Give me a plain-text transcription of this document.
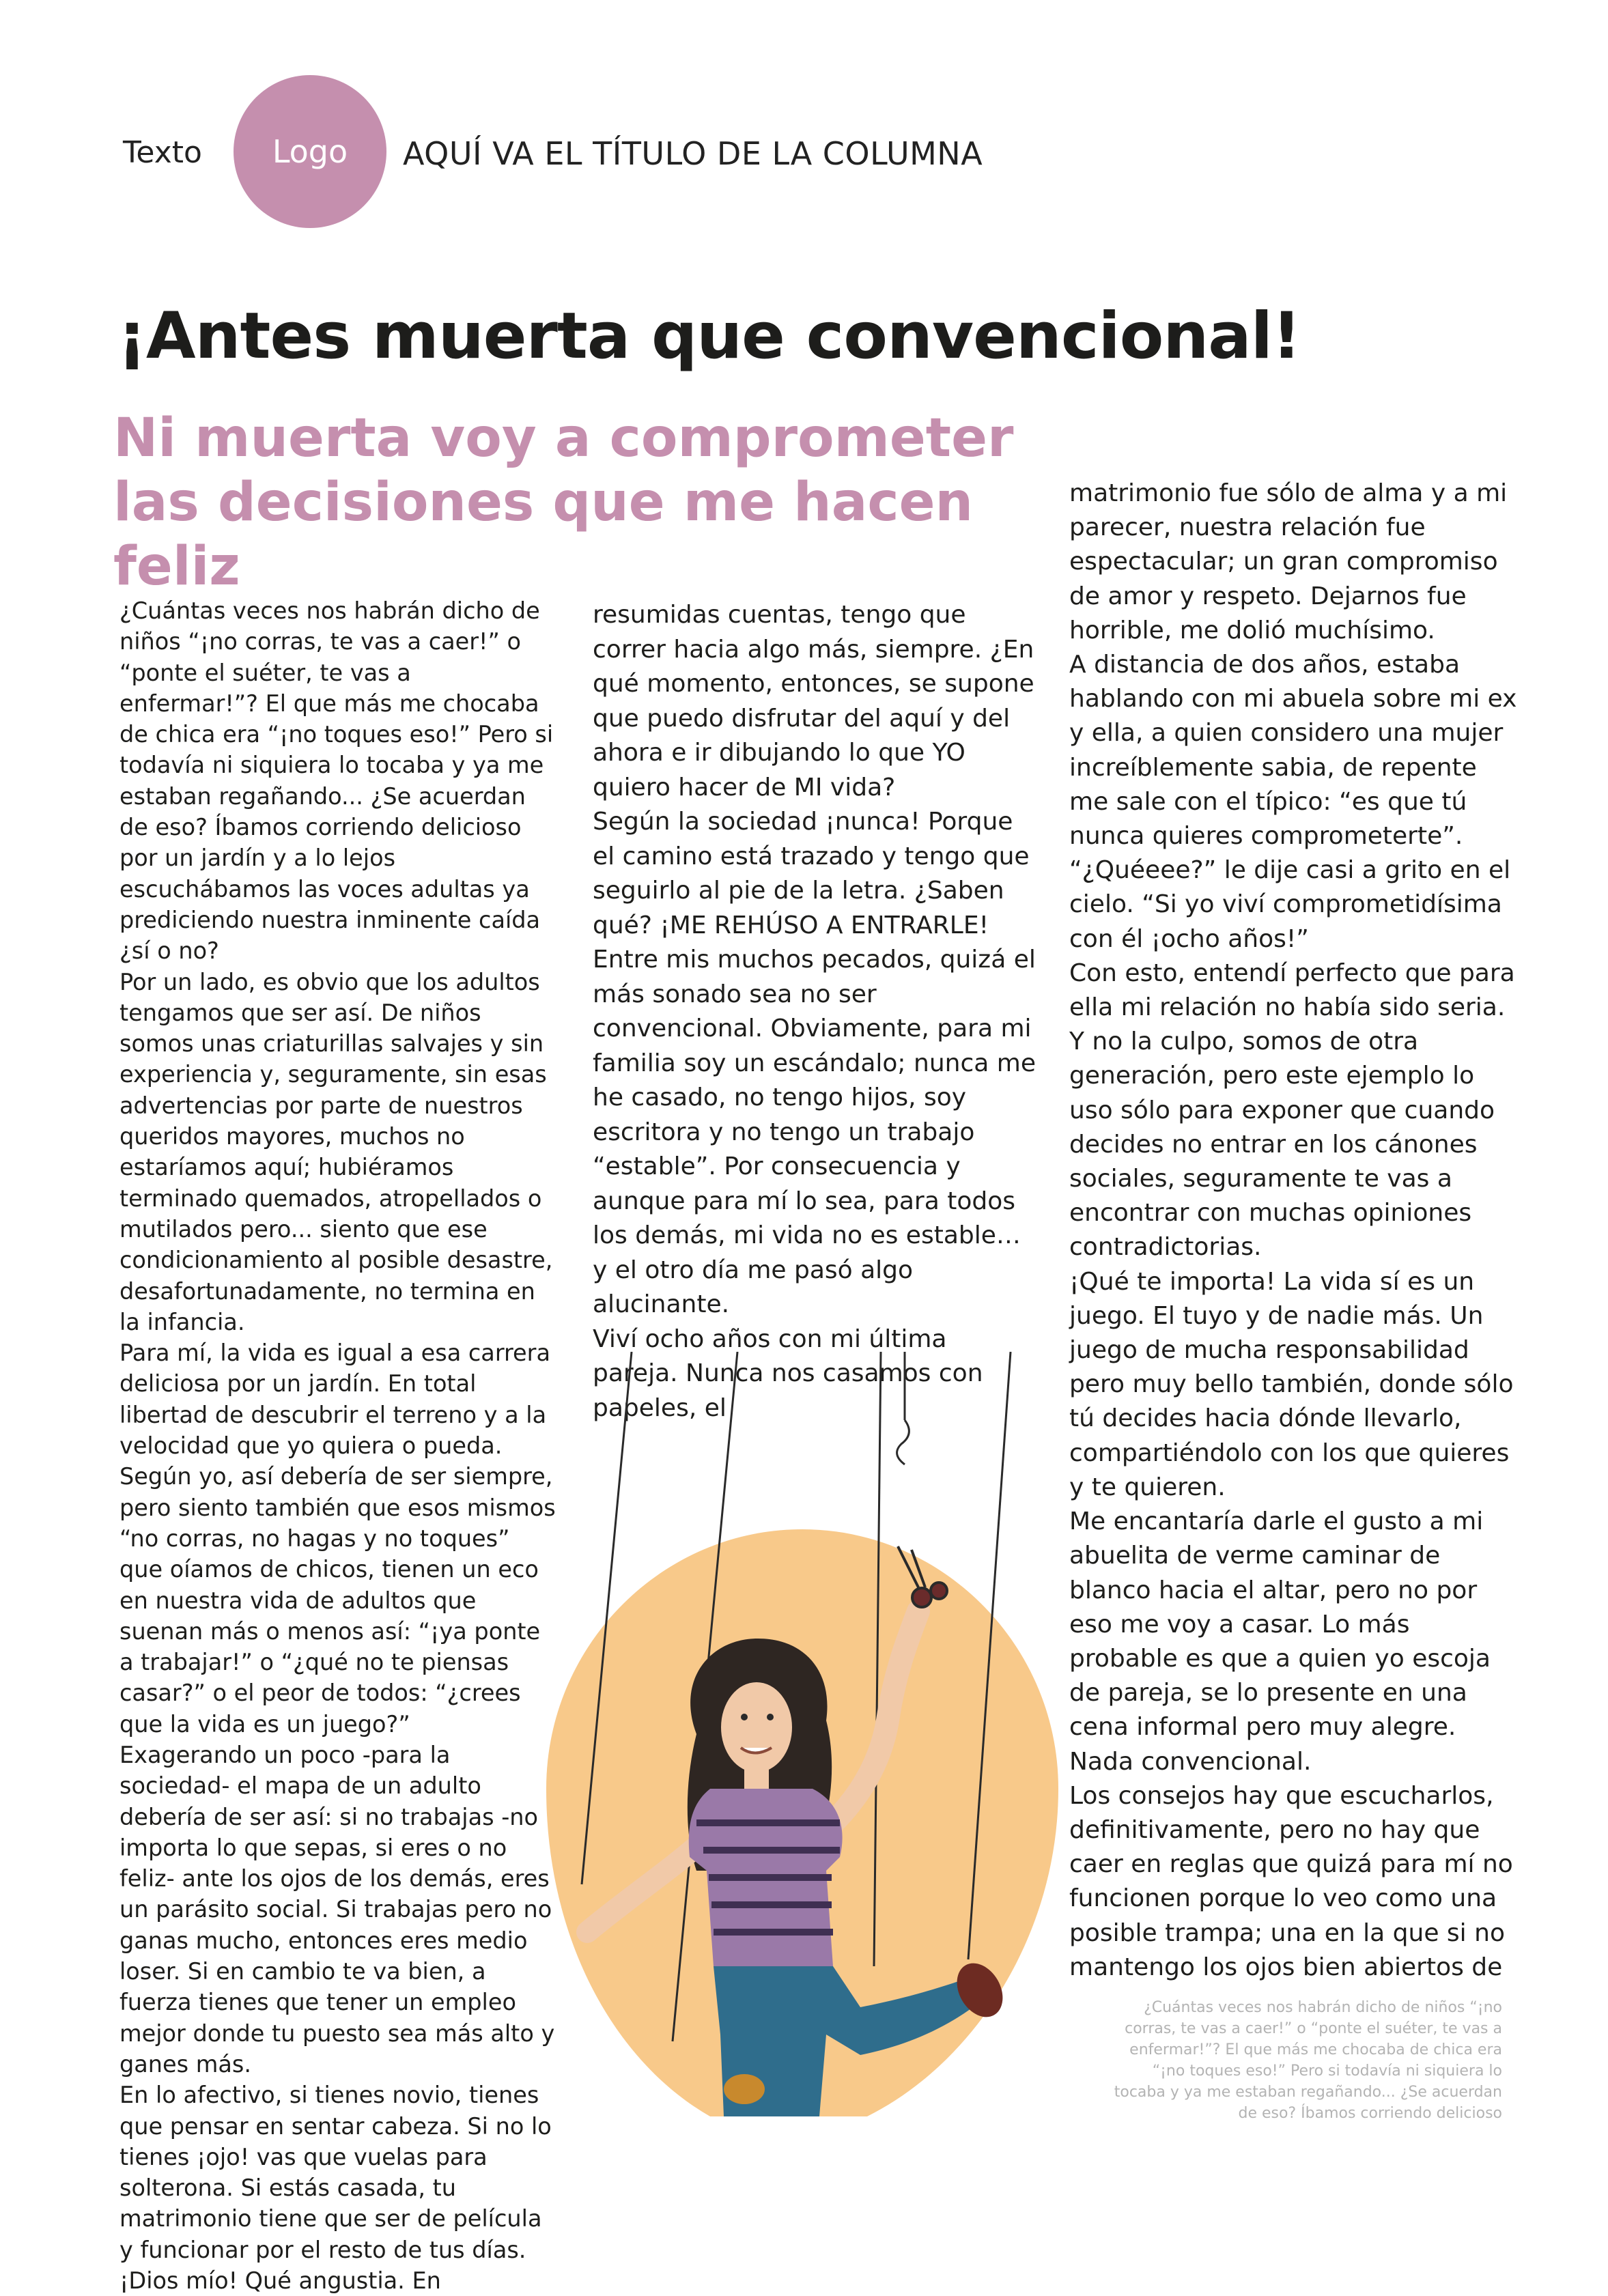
Texto Logo AQUÍ VA EL TÍTULO DE LA COLUMNA
¡Antes muerta que convencional!
Ni muerta voy a comprometer las decisiones que me hacen feliz

¿Cuántas veces nos habrán dicho de niños “¡no corras, te vas a caer!” o “ponte el suéter, te vas a enfermar!”? El que más me chocaba de chica era “¡no toques eso!” Pero si todavía ni siquiera lo tocaba y ya me estaban regañando... ¿Se acuerdan de eso? Íbamos corriendo delicioso por un jardín y a lo lejos escuchábamos las voces adultas ya prediciendo nuestra inminente caída ¿sí o no?

Por un lado, es obvio que los adultos tengamos que ser así. De niños somos unas criaturillas salvajes y sin experiencia y, seguramente, sin esas advertencias por parte de nuestros queridos mayores, muchos no estaríamos aquí; hubiéramos terminado quemados, atropellados o mutilados pero... siento que ese condicionamiento al posible desastre, desafortunadamente, no termina en la infancia.

Para mí, la vida es igual a esa carrera deliciosa por un jardín. En total libertad de descubrir el terreno y a la velocidad que yo quiera o pueda. Según yo, así debería de ser siempre, pero siento también que esos mismos “no corras, no hagas y no toques” que oíamos de chicos, tienen un eco en nuestra vida de adultos que suenan más o menos así: “¡ya ponte a trabajar!” o “¿qué no te piensas casar?” o el peor de todos: “¿crees que la vida es un juego?”

Exagerando un poco -para la sociedad- el mapa de un adulto debería de ser así: si no trabajas -no importa lo que sepas, si eres o no feliz- ante los ojos de los demás, eres un parásito social. Si trabajas pero no ganas mucho, entonces eres medio loser. Si en cambio te va bien, a fuerza tienes que tener un empleo mejor donde tu puesto sea más alto y ganes más.

En lo afectivo, si tienes novio, tienes que pensar en sentar cabeza. Si no lo tienes ¡ojo! vas que vuelas para solterona. Si estás casada, tu matrimonio tiene que ser de película y funcionar por el resto de tus días. ¡Dios mío! Qué angustia. En

resumidas cuentas, tengo que correr hacia algo más, siempre. ¿En qué momento, entonces, se supone que puedo disfrutar del aquí y del ahora e ir dibujando lo que YO quiero hacer de MI vida?

Según la sociedad ¡nunca! Porque el camino está trazado y tengo que seguirlo al pie de la letra. ¿Saben qué? ¡ME REHÚSO A ENTRARLE!

Entre mis muchos pecados, quizá el más sonado sea no ser convencional. Obviamente, para mi familia soy un escándalo; nunca me he casado, no tengo hijos, soy escritora y no tengo un trabajo “estable”. Por consecuencia y aunque para mí lo sea, para todos los demás, mi vida no es estable… y el otro día me pasó algo alucinante.

Viví ocho años con mi última pareja. Nunca nos casamos con papeles, el

matrimonio fue sólo de alma y a mi parecer, nuestra relación fue espectacular; un gran compromiso de amor y respeto. Dejarnos fue horrible, me dolió muchísimo.

A distancia de dos años, estaba hablando con mi abuela sobre mi ex y ella, a quien considero una mujer increíblemente sabia, de repente me sale con el típico: “es que tú nunca quieres comprometerte”.

“¿Quéeee?” le dije casi a grito en el cielo. “Si yo viví comprometidísima con él ¡ocho años!”

Con esto, entendí perfecto que para ella mi relación no había sido seria. Y no la culpo, somos de otra generación, pero este ejemplo lo uso sólo para exponer que cuando decides no entrar en los cánones sociales, seguramente te vas a encontrar con muchas opiniones contradictorias.

¡Qué te importa! La vida sí es un juego. El tuyo y de nadie más. Un juego de mucha responsabilidad pero muy bello también, donde sólo tú decides hacia dónde llevarlo, compartiéndolo con los que quieres y te quieren.

Me encantaría darle el gusto a mi abuelita de verme caminar de blanco hacia el altar, pero no por eso me voy a casar. Lo más probable es que a quien yo escoja de pareja, se lo presente en una cena informal pero muy alegre. Nada convencional.

Los consejos hay que escucharlos, definitivamente, pero no hay que caer en reglas que quizá para mí no funcionen porque lo veo como una posible trampa; una en la que si no mantengo los ojos bien abiertos de

¿Cuántas veces nos habrán dicho de niños “¡no corras, te vas a caer!” o “ponte el suéter, te vas a enfermar!”? El que más me chocaba de chica era “¡no toques eso!” Pero si todavía ni siquiera lo tocaba y ya me estaban regañando... ¿Se acuerdan de eso? Íbamos corriendo delicioso
